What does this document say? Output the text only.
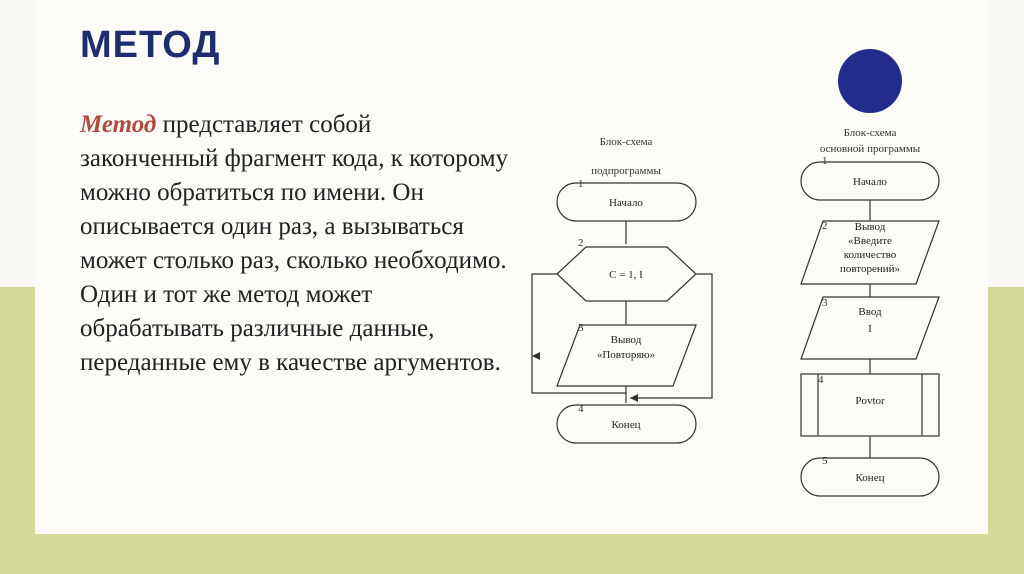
МЕТОД
Метод представляет собой законченный фрагмент кода, к которому можно обратиться по имени. Он описывается один раз, а вызываться может столько раз, сколько необходимо. Один и тот же метод может обрабатывать различные данные, переданные ему в качестве аргументов.
Блок-схема
подпрограммы
1
Начало
2
C = 1, I
3
Вывод
«Повторяю»
4
Конец
Блок-схема
основной программы
1
Начало
2 Вывод
«Введите
количество
повторений»
3
Ввод
I
4
Povtor
5
Конец
